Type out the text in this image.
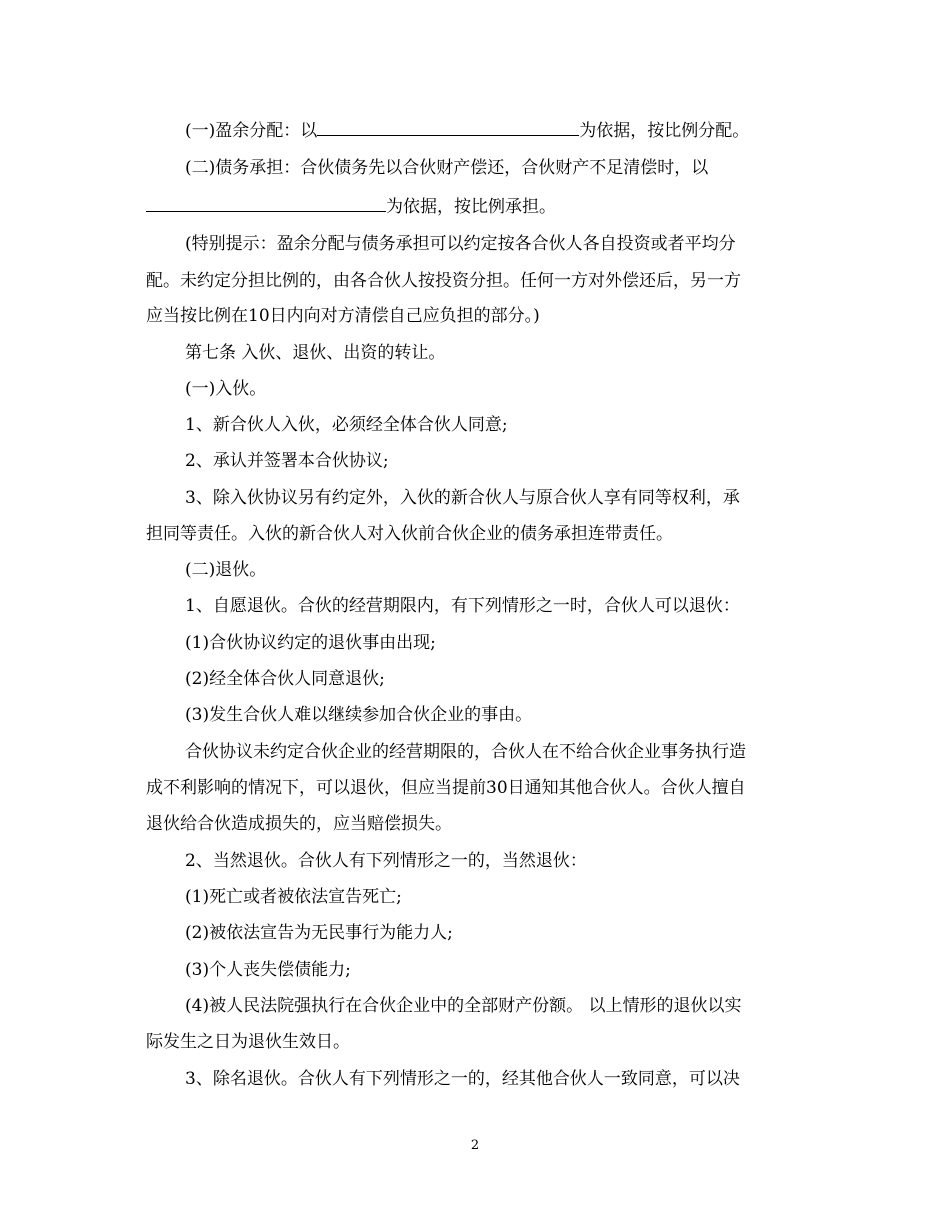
(一)盈余分配：以	为依据，按比例分配。
(二)债务承担：合伙债务先以合伙财产偿还，合伙财产不足清偿时，以
为依据，按比例承担。
(特别提示：盈余分配与债务承担可以约定按各合伙人各自投资或者平均分
配。未约定分担比例的，由各合伙人按投资分担。任何一方对外偿还后，另一方
应当按比例在10日内向对方清偿自己应负担的部分。)
第七条 入伙、退伙、出资的转让。
(一)入伙。
1、新合伙人入伙，必须经全体合伙人同意;
2、承认并签署本合伙协议;
3、除入伙协议另有约定外，入伙的新合伙人与原合伙人享有同等权利，承
担同等责任。入伙的新合伙人对入伙前合伙企业的债务承担连带责任。
(二)退伙。
1、自愿退伙。合伙的经营期限内，有下列情形之一时，合伙人可以退伙：
(1)合伙协议约定的退伙事由出现;
(2)经全体合伙人同意退伙;
(3)发生合伙人难以继续参加合伙企业的事由。
合伙协议未约定合伙企业的经营期限的，合伙人在不给合伙企业事务执行造
成不利影响的情况下，可以退伙，但应当提前30日通知其他合伙人。合伙人擅自
退伙给合伙造成损失的，应当赔偿损失。
2、当然退伙。合伙人有下列情形之一的，当然退伙：
(1)死亡或者被依法宣告死亡;
(2)被依法宣告为无民事行为能力人;
(3)个人丧失偿债能力;
(4)被人民法院强执行在合伙企业中的全部财产份额。 以上情形的退伙以实
际发生之日为退伙生效日。
3、除名退伙。合伙人有下列情形之一的，经其他合伙人一致同意，可以决
2
